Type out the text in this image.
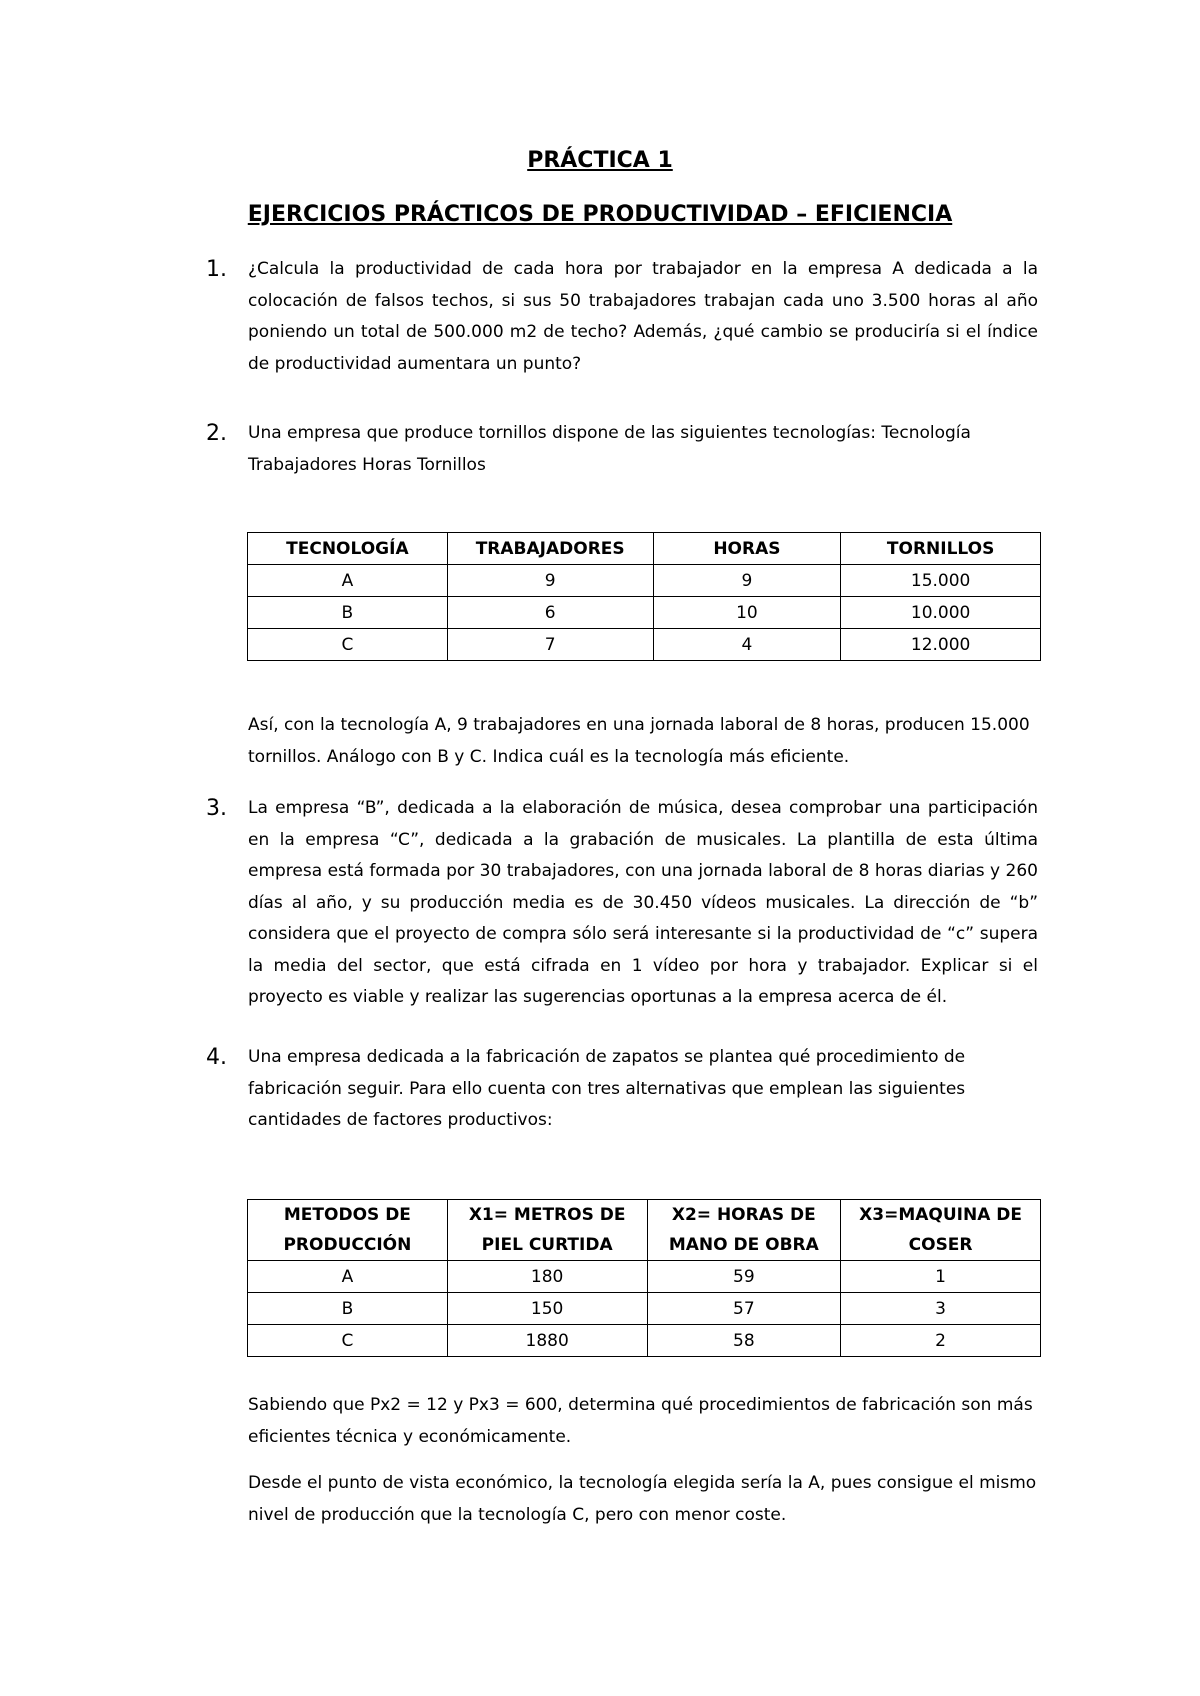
PRÁCTICA 1
EJERCICIOS PRÁCTICOS DE PRODUCTIVIDAD – EFICIENCIA
1. ¿Calcula la productividad de cada hora por trabajador en la empresa A dedicada a la colocación de falsos techos, si sus 50 trabajadores trabajan cada uno 3.500 horas al año poniendo un total de 500.000 m2 de techo? Además, ¿qué cambio se produciría si el índice de productividad aumentara un punto?

2. Una empresa que produce tornillos dispone de las siguientes tecnologías: Tecnología Trabajadores Horas Tornillos

TECNOLOGÍA	TRABAJADORES	HORAS	TORNILLOS
A	9	9	15.000
B	6	10	10.000
C	7	4	12.000

Así, con la tecnología A, 9 trabajadores en una jornada laboral de 8 horas, producen 15.000 tornillos. Análogo con B y C. Indica cuál es la tecnología más eficiente.

3. La empresa “B”, dedicada a la elaboración de música, desea comprobar una participación en la empresa “C”, dedicada a la grabación de musicales. La plantilla de esta última empresa está formada por 30 trabajadores, con una jornada laboral de 8 horas diarias y 260 días al año, y su producción media es de 30.450 vídeos musicales. La dirección de “b” considera que el proyecto de compra sólo será interesante si la productividad de “c” supera la media del sector, que está cifrada en 1 vídeo por hora y trabajador. Explicar si el proyecto es viable y realizar las sugerencias oportunas a la empresa acerca de él.

4. Una empresa dedicada a la fabricación de zapatos se plantea qué procedimiento de fabricación seguir. Para ello cuenta con tres alternativas que emplean las siguientes cantidades de factores productivos:

METODOS DE PRODUCCIÓN	X1= METROS DE PIEL CURTIDA	X2= HORAS DE MANO DE OBRA	X3=MAQUINA DE COSER
A	180	59	1
B	150	57	3
C	1880	58	2

Sabiendo que Px2 = 12 y Px3 = 600, determina qué procedimientos de fabricación son más eficientes técnica y económicamente.

Desde el punto de vista económico, la tecnología elegida sería la A, pues consigue el mismo nivel de producción que la tecnología C, pero con menor coste.
